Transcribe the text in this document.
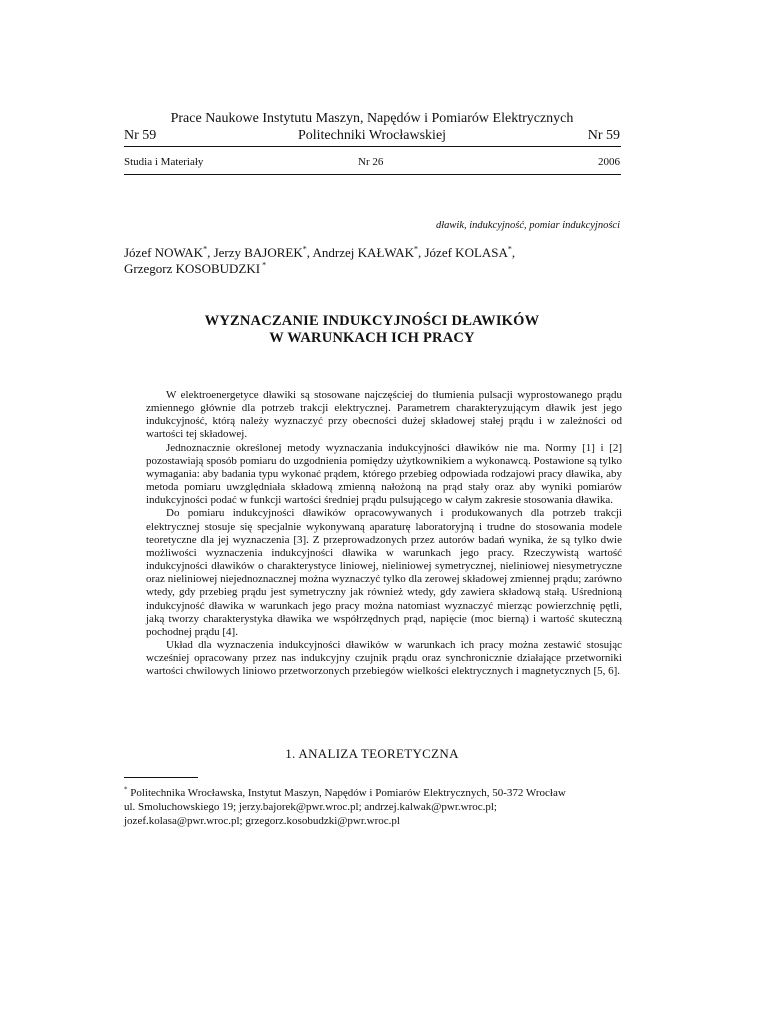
Prace Naukowe Instytutu Maszyn, Napędów i Pomiarów Elektrycznych
Nr 59	Politechniki Wrocławskiej	Nr 59
Studia i Materiały	Nr 26	2006
dławik, indukcyjność, pomiar indukcyjności
Józef NOWAK*, Jerzy BAJOREK*, Andrzej KAŁWAK*, Józef KOLASA*,
Grzegorz KOSOBUDZKI *
WYZNACZANIE INDUKCYJNOŚCI DŁAWIKÓW
W WARUNKACH ICH PRACY

W elektroenergetyce dławiki są stosowane najczęściej do tłumienia pulsacji wyprostowanego prądu zmiennego głównie dla potrzeb trakcji elektrycznej. Parametrem charakteryzującym dławik jest jego indukcyjność, którą należy wyznaczyć przy obecności dużej składowej stałej prądu i w zależności od wartości tej składowej.

Jednoznacznie określonej metody wyznaczania indukcyjności dławików nie ma. Normy [1] i [2] pozostawiają sposób pomiaru do uzgodnienia pomiędzy użytkownikiem a wykonawcą. Postawione są tylko wymagania: aby badania typu wykonać prądem, którego przebieg odpowiada rodzajowi pracy dławika, aby metoda pomiaru uwzględniała składową zmienną nałożoną na prąd stały oraz aby wyniki pomiarów indukcyjności podać w funkcji wartości średniej prądu pulsującego w całym zakresie stosowania dławika.

Do pomiaru indukcyjności dławików opracowywanych i produkowanych dla potrzeb trakcji elektrycznej stosuje się specjalnie wykonywaną aparaturę laboratoryjną i trudne do stosowania modele teoretyczne dla jej wyznaczenia [3]. Z przeprowadzonych przez autorów badań wynika, że są tylko dwie możliwości wyznaczenia indukcyjności dławika w warunkach jego pracy. Rzeczywistą wartość indukcyjności dławików o charakterystyce liniowej, nieliniowej symetrycznej, nieliniowej niesymetryczne oraz nieliniowej niejednoznacznej można wyznaczyć tylko dla zerowej składowej zmiennej prądu; zarówno wtedy, gdy przebieg prądu jest symetryczny jak również wtedy, gdy zawiera składową stałą. Uśrednioną indukcyjność dławika w warunkach jego pracy można natomiast wyznaczyć mierząc powierzchnię pętli, jaką tworzy charakterystyka dławika we współrzędnych prąd, napięcie (moc bierną) i wartość skuteczną pochodnej prądu [4].

Układ dla wyznaczenia indukcyjności dławików w warunkach ich pracy można zestawić stosując wcześniej opracowany przez nas indukcyjny czujnik prądu oraz synchronicznie działające przetworniki wartości chwilowych liniowo przetworzonych przebiegów wielkości elektrycznych i magnetycznych [5, 6].

1. ANALIZA TEORETYCZNA
* Politechnika Wrocławska, Instytut Maszyn, Napędów i Pomiarów Elektrycznych, 50-372 Wrocław
ul. Smoluchowskiego 19; jerzy.bajorek@pwr.wroc.pl; andrzej.kalwak@pwr.wroc.pl;
jozef.kolasa@pwr.wroc.pl; grzegorz.kosobudzki@pwr.wroc.pl
